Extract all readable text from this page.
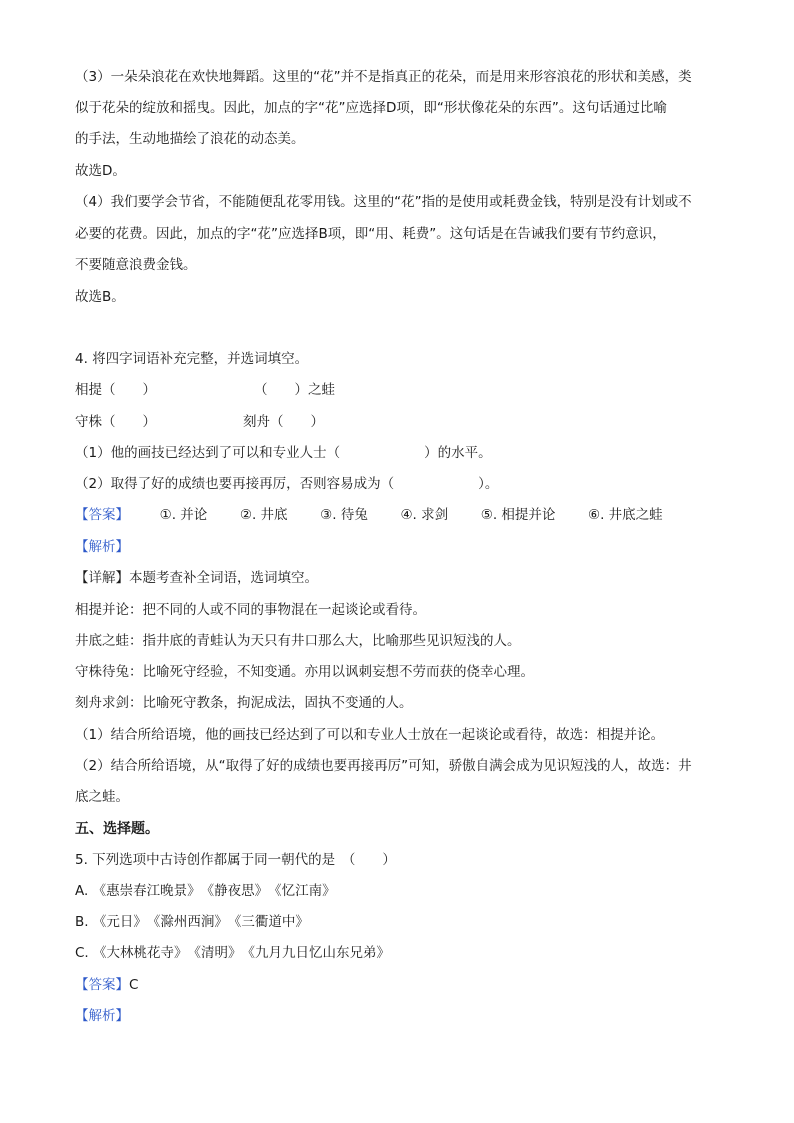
（3）一朵朵浪花在欢快地舞蹈。这里的“花”并不是指真正的花朵，而是用来形容浪花的形状和美感，类
似于花朵的绽放和摇曳。因此，加点的字“花”应选择D项，即“形状像花朵的东西”。这句话通过比喻
的手法，生动地描绘了浪花的动态美。
故选D。
（4）我们要学会节省，不能随便乱花零用钱。这里的“花”指的是使用或耗费金钱，特别是没有计划或不
必要的花费。因此，加点的字“花”应选择B项，即“用、耗费”。这句话是在告诫我们要有节约意识，
不要随意浪费金钱。
故选B。
4. 将四字词语补充完整，并选词填空。
相提（　　）	（　　）之蛙
守株（　　）	刻舟（　　）
（1）他的画技已经达到了可以和专业人士（	）的水平。
（2）取得了好的成绩也要再接再厉，否则容易成为（	）。
【答案】 ①. 并论 ②. 井底 ③. 待兔 ④. 求剑 ⑤. 相提并论 ⑥. 井底之蛙
【解析】
【详解】本题考查补全词语，选词填空。
相提并论：把不同的人或不同的事物混在一起谈论或看待。
井底之蛙：指井底的青蛙认为天只有井口那么大，比喻那些见识短浅的人。
守株待兔：比喻死守经验，不知变通。亦用以讽刺妄想不劳而获的侥幸心理。
刻舟求剑：比喻死守教条，拘泥成法，固执不变通的人。
（1）结合所给语境，他的画技已经达到了可以和专业人士放在一起谈论或看待，故选：相提并论。
（2）结合所给语境，从“取得了好的成绩也要再接再厉”可知，骄傲自满会成为见识短浅的人，故选：井
底之蛙。
五、选择题。
5. 下列选项中古诗创作都属于同一朝代的是　（　　）
A. 《惠崇春江晚景》　《静夜思》　《忆江南》
B. 《元日》　《滁州西涧》　《三衢道中》
C. 《大林桃花寺》　《清明》　《九月九日忆山东兄弟》
【答案】C
【解析】
